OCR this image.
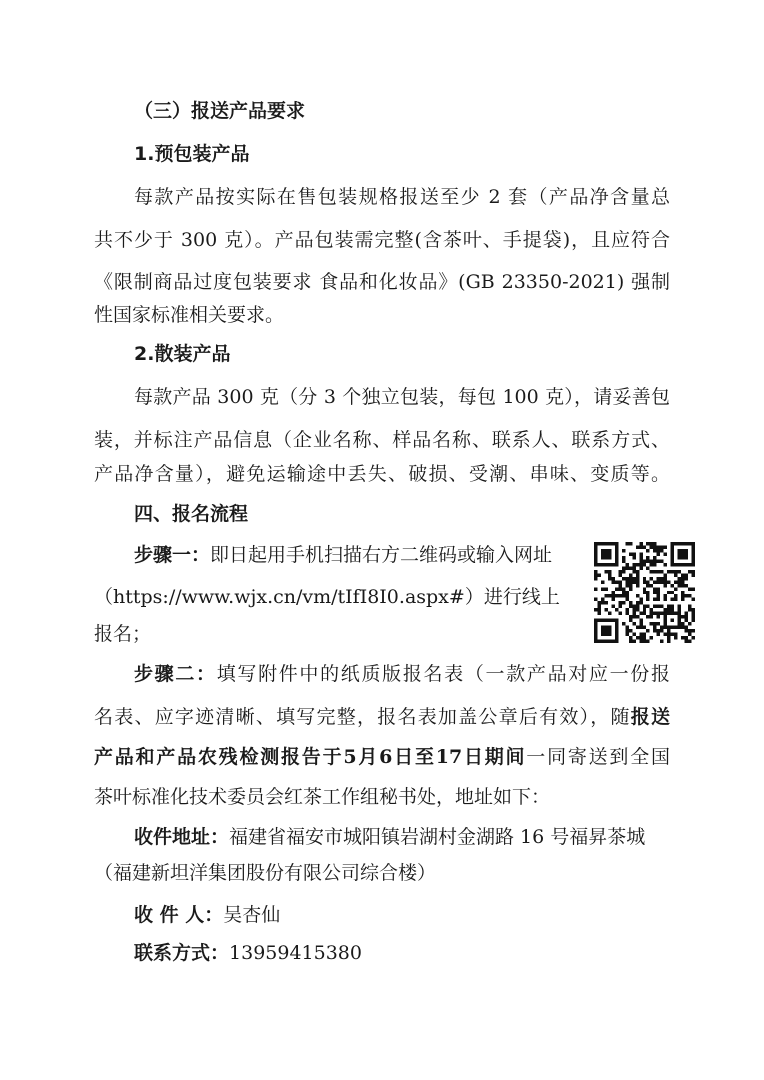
（三）报送产品要求
1.预包装产品
每款产品按实际在售包装规格报送至少 2 套（产品净含量总
共不少于 300 克）。产品包装需完整(含茶叶、手提袋)，且应符合
《限制商品过度包装要求 食品和化妆品》(GB 23350-2021) 强制
性国家标准相关要求。
2.散装产品
每款产品 300 克（分 3 个独立包装，每包 100 克），请妥善包
装，并标注产品信息（企业名称、样品名称、联系人、联系方式、
产品净含量），避免运输途中丢失、破损、受潮、串味、变质等。
四、报名流程
步骤一：即日起用手机扫描右方二维码或输入网址
（https://www.wjx.cn/vm/tIfI8I0.aspx#）进行线上
报名；
步骤二：填写附件中的纸质版报名表（一款产品对应一份报
名表、应字迹清晰、填写完整，报名表加盖公章后有效），随报送
产品和产品农残检测报告于5月6日至17日期间一同寄送到全国
茶叶标准化技术委员会红茶工作组秘书处，地址如下：
收件地址：福建省福安市城阳镇岩湖村金湖路 16 号福昇茶城
（福建新坦洋集团股份有限公司综合楼）
收 件 人：吴杏仙
联系方式：13959415380
